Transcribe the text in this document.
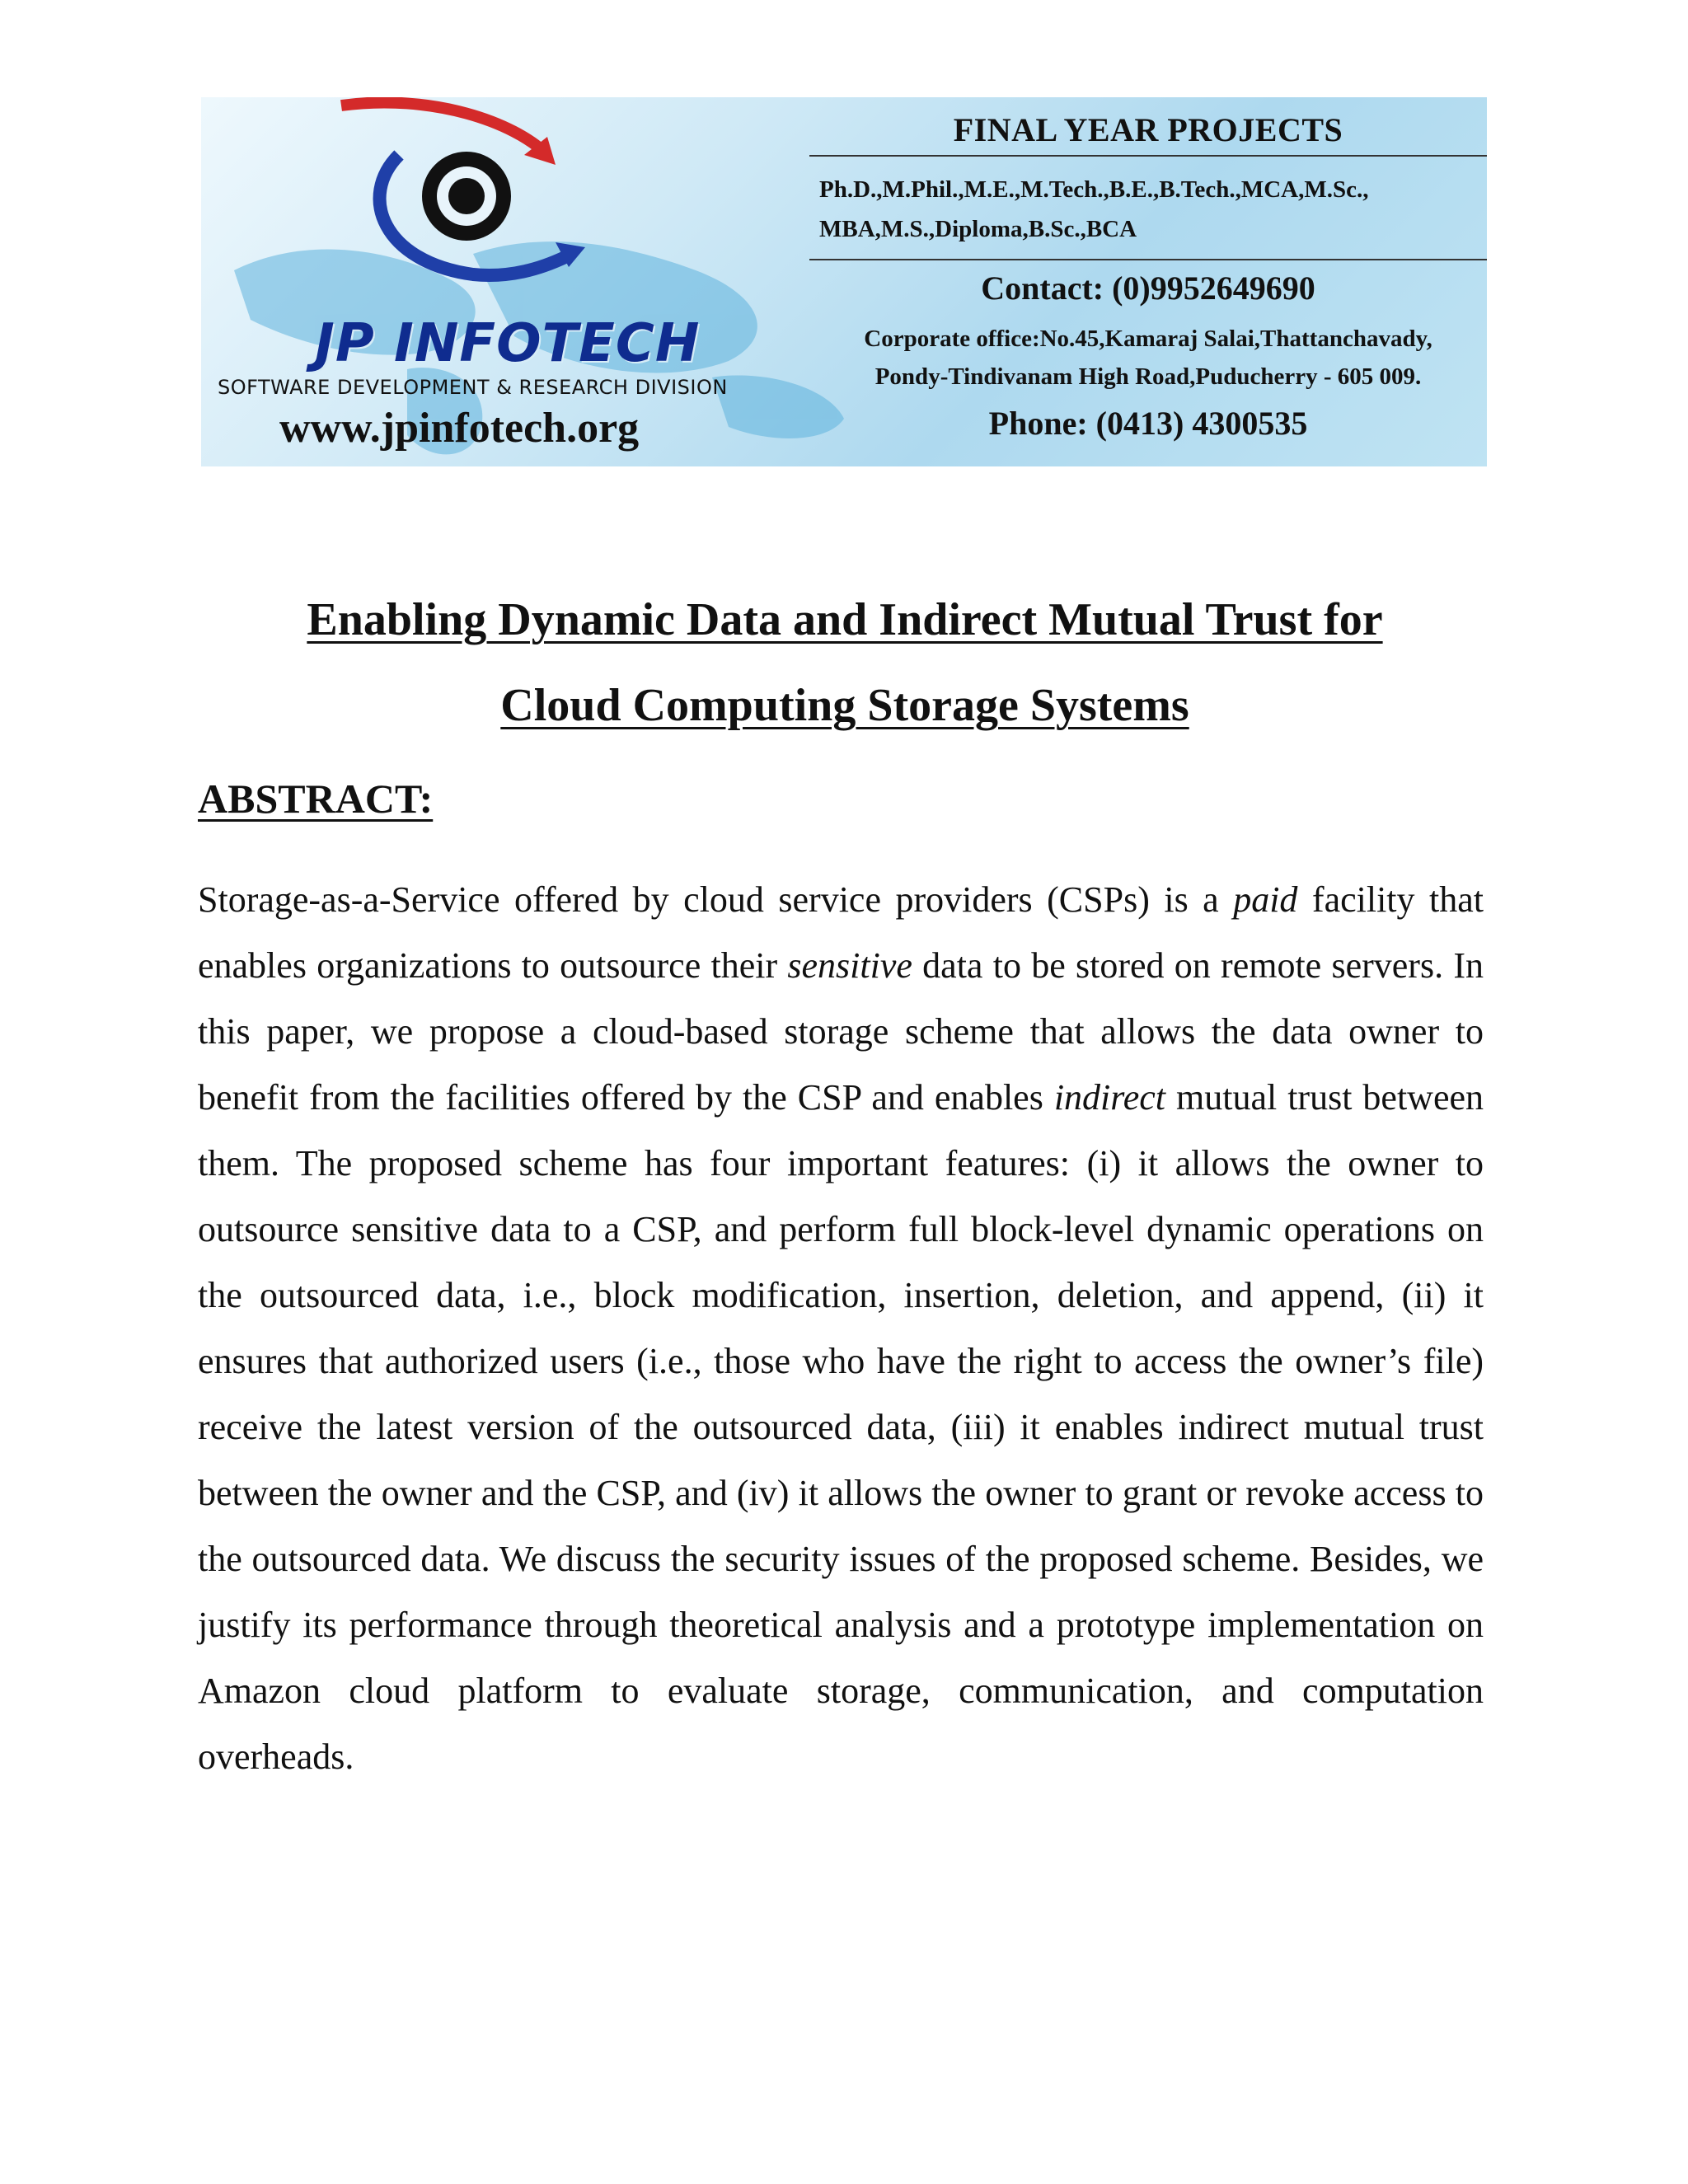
JP INFOTECH
SOFTWARE DEVELOPMENT & RESEARCH DIVISION
www.jpinfotech.org
FINAL YEAR PROJECTS
Ph.D.,M.Phil.,M.E.,M.Tech.,B.E.,B.Tech.,MCA,M.Sc.,
MBA,M.S.,Diploma,B.Sc.,BCA
Contact: (0)9952649690
Corporate office:No.45,Kamaraj Salai,Thattanchavady,
Pondy-Tindivanam High Road,Puducherry - 605 009.
Phone: (0413) 4300535
Enabling Dynamic Data and Indirect Mutual Trust for
Cloud Computing Storage Systems
ABSTRACT:

Storage-as-a-Service offered by cloud service providers (CSPs) is a paid facility that enables organizations to outsource their sensitive data to be stored on remote servers. In this paper, we propose a cloud-based storage scheme that allows the data owner to benefit from the facilities offered by the CSP and enables indirect mutual trust between them. The proposed scheme has four important features: (i) it allows the owner to outsource sensitive data to a CSP, and perform full block-level dynamic operations on the outsourced data, i.e., block modification, insertion, deletion, and append, (ii) it ensures that authorized users (i.e., those who have the right to access the owner’s file) receive the latest version of the outsourced data, (iii) it enables indirect mutual trust between the owner and the CSP, and (iv) it allows the owner to grant or revoke access to the outsourced data. We discuss the security issues of the proposed scheme. Besides, we justify its performance through theoretical analysis and a prototype implementation on Amazon cloud platform to evaluate storage, communication, and computation overheads.
